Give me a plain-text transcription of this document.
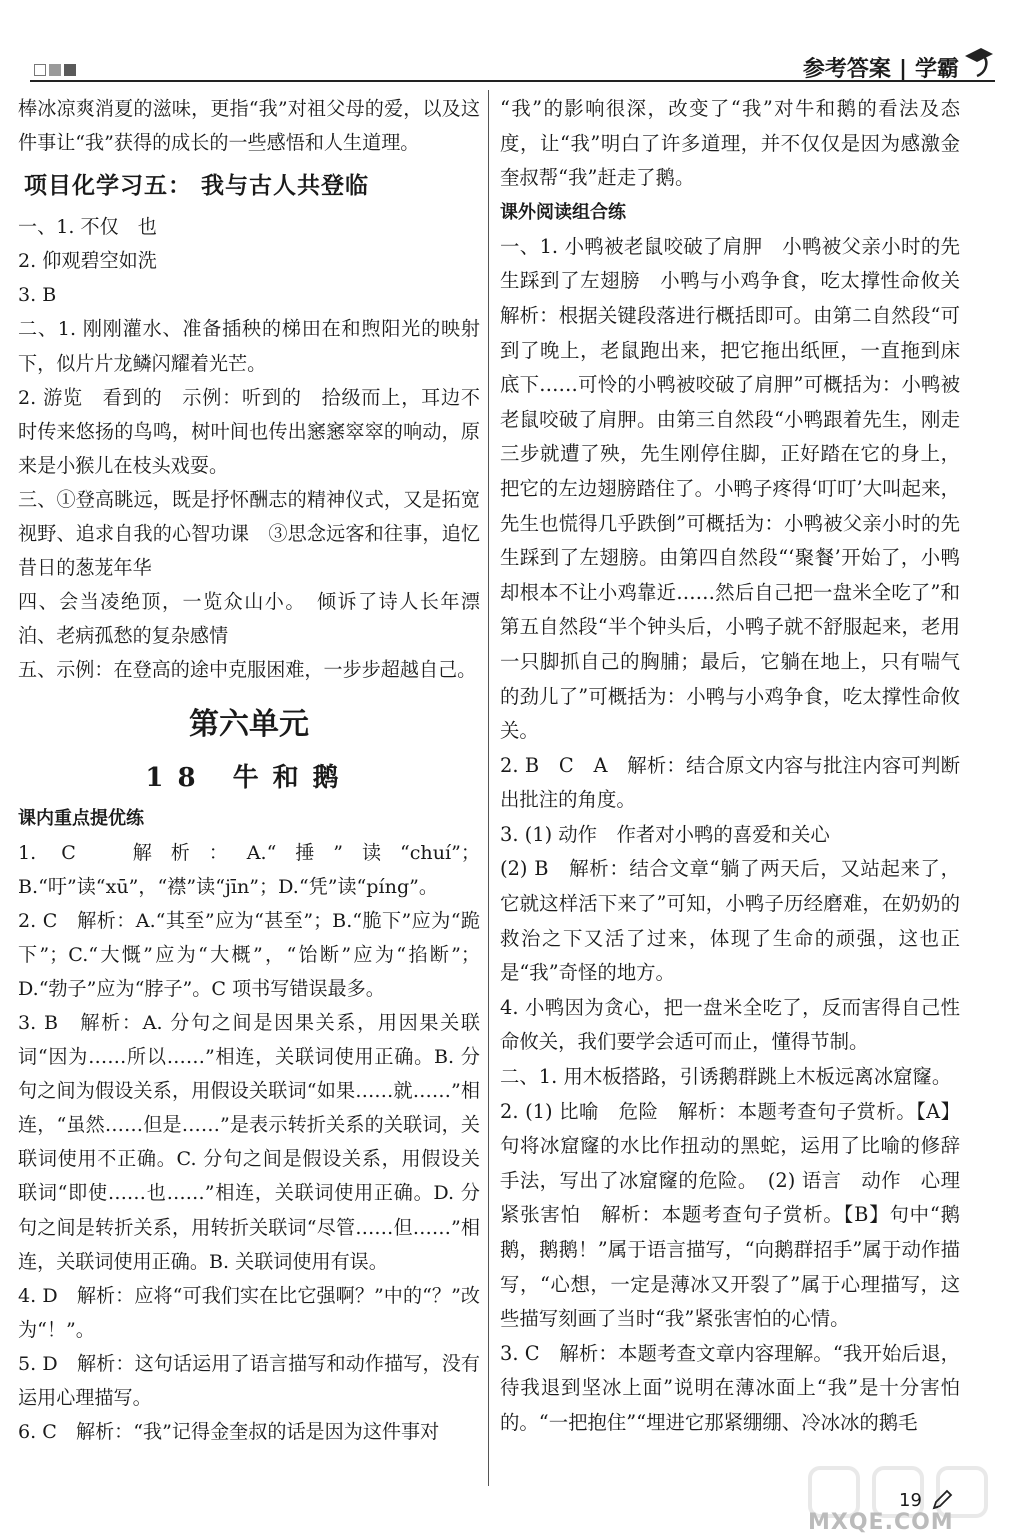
参考答案 | 学霸
棒冰凉爽消夏的滋味，更指“我”对祖父母的爱，以及这件事让“我”获得的成长的一些感悟和人生道理。
项目化学习五： 我与古人共登临
一、1. 不仅　也
2. 仰观碧空如洗
3. B
二、1. 刚刚灌水、准备插秧的梯田在和煦阳光的映射下，似片片龙鳞闪耀着光芒。
2. 游览　看到的　示例：听到的　拾级而上，耳边不时传来悠扬的鸟鸣，树叶间也传出窸窸窣窣的响动，原来是小猴儿在枝头戏耍。
三、①登高眺远，既是抒怀酬志的精神仪式，又是拓宽视野、追求自我的心智功课　③思念远客和往事，追忆昔日的葱茏年华
四、会当凌绝顶，一览众山小。　倾诉了诗人长年漂泊、老病孤愁的复杂感情
五、示例：在登高的途中克服困难，一步步超越自己。
第六单元
18 牛和鹅
课内重点提优练
1. C　解析：A.“捶”读“chuí”；B.“吁”读“xū”，“襟”读“jīn”；D.“凭”读“píng”。
2. C　解析：A.“其至”应为“甚至”；B.“脆下”应为“跪下”；C.“大慨”应为“大概”，“饴断”应为“掐断”；D.“勃子”应为“脖子”。C 项书写错误最多。
3. B　解析：A. 分句之间是因果关系，用因果关联词“因为……所以……”相连，关联词使用正确。B. 分句之间为假设关系，用假设关联词“如果……就……”相连，“虽然……但是……”是表示转折关系的关联词，关联词使用不正确。C. 分句之间是假设关系，用假设关联词“即使……也……”相连，关联词使用正确。D. 分句之间是转折关系，用转折关联词“尽管……但……”相连，关联词使用正确。B. 关联词使用有误。
4. D　解析：应将“可我们实在比它强啊？”中的“？”改为“！”。
5. D　解析：这句话运用了语言描写和动作描写，没有运用心理描写。
6. C　解析：“我”记得金奎叔的话是因为这件事对
“我”的影响很深，改变了“我”对牛和鹅的看法及态度，让“我”明白了许多道理，并不仅仅是因为感激金奎叔帮“我”赶走了鹅。
课外阅读组合练
一、1. 小鸭被老鼠咬破了肩胛　小鸭被父亲小时的先生踩到了左翅膀　小鸭与小鸡争食，吃太撑性命攸关　解析：根据关键段落进行概括即可。由第二自然段“可到了晚上，老鼠跑出来，把它拖出纸匣，一直拖到床底下……可怜的小鸭被咬破了肩胛”可概括为：小鸭被老鼠咬破了肩胛。由第三自然段“小鸭跟着先生，刚走三步就遭了殃，先生刚停住脚，正好踏在它的身上，把它的左边翅膀踏住了。小鸭子疼得‘叮叮’大叫起来，先生也慌得几乎跌倒”可概括为：小鸭被父亲小时的先生踩到了左翅膀。由第四自然段“‘聚餐’开始了，小鸭却根本不让小鸡靠近……然后自己把一盘米全吃了”和第五自然段“半个钟头后，小鸭子就不舒服起来，老用一只脚抓自己的胸脯；最后，它躺在地上，只有喘气的劲儿了”可概括为：小鸭与小鸡争食，吃太撑性命攸关。
2. B　C　A　解析：结合原文内容与批注内容可判断出批注的角度。
3. (1) 动作　作者对小鸭的喜爱和关心
(2) B　解析：结合文章“躺了两天后，又站起来了，它就这样活下来了”可知，小鸭子历经磨难，在奶奶的救治之下又活了过来，体现了生命的顽强，这也正是“我”奇怪的地方。
4. 小鸭因为贪心，把一盘米全吃了，反而害得自己性命攸关，我们要学会适可而止，懂得节制。
二、1. 用木板搭路，引诱鹅群跳上木板远离冰窟窿。
2. (1) 比喻　危险　解析：本题考查句子赏析。【A】句将冰窟窿的水比作扭动的黑蛇，运用了比喻的修辞手法，写出了冰窟窿的危险。　(2) 语言　动作　心理　紧张害怕　解析：本题考查句子赏析。【B】句中“鹅鹅，鹅鹅！”属于语言描写，“向鹅群招手”属于动作描写，“心想，一定是薄冰又开裂了”属于心理描写，这些描写刻画了当时“我”紧张害怕的心情。
3. C　解析：本题考查文章内容理解。“我开始后退，待我退到坚冰上面”说明在薄冰面上“我”是十分害怕的。“一把抱住”“埋进它那紧绷绷、冷冰冰的鹅毛
MXQE.COM
19
